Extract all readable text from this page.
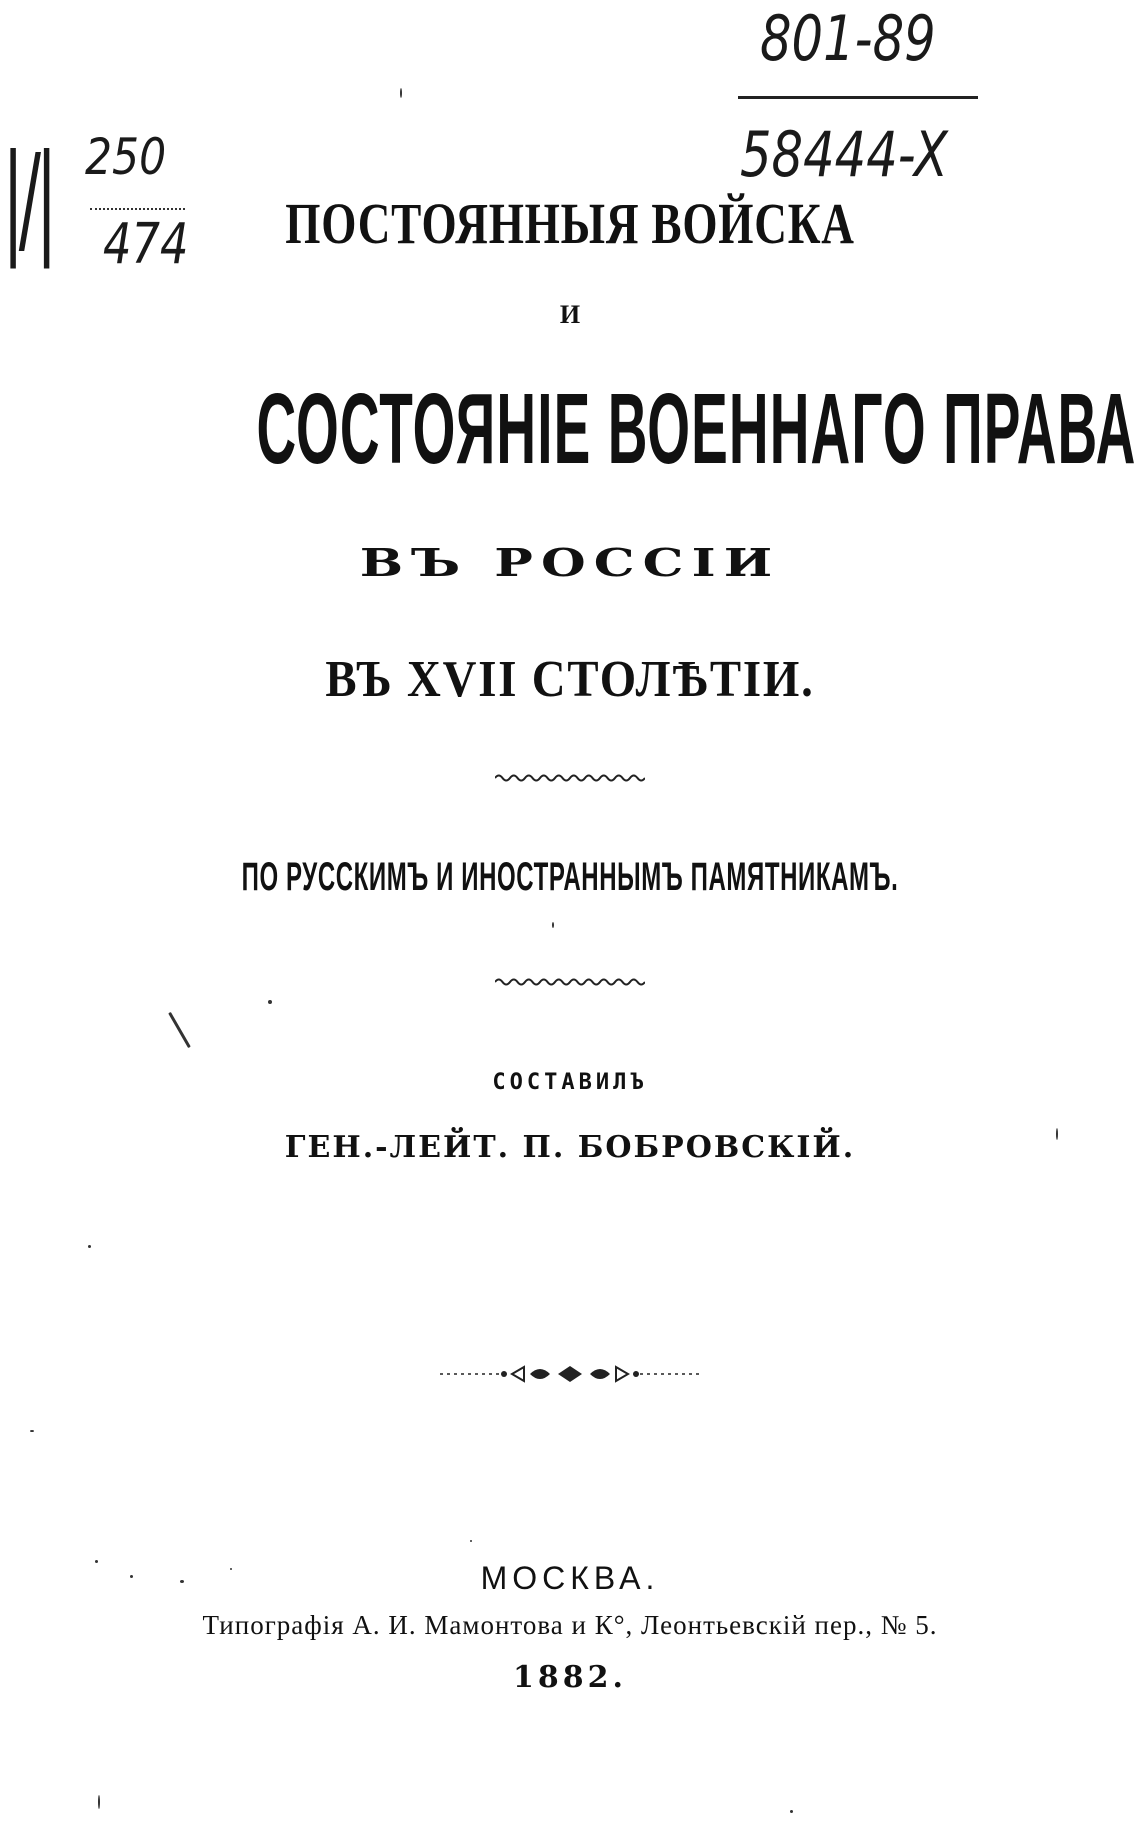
|/| 250
474
801-89
58444-X
ПОСТОЯННЫЯ ВОЙСКА
И
СОСТОЯНІЕ ВОЕННАГО ПРАВА
ВЪ РОССІИ
ВЪ XVII СТОЛѢТІИ.
ПО РУССКИМЪ И ИНОСТРАННЫМЪ ПАМЯТНИКАМЪ.
СОСТАВИЛЪ
ГЕН.-ЛЕЙТ. П. БОБРОВСКІЙ.
МОСКВА.
Типографія А. И. Мамонтова и К°, Леонтьевскій пер., № 5.
1882.
